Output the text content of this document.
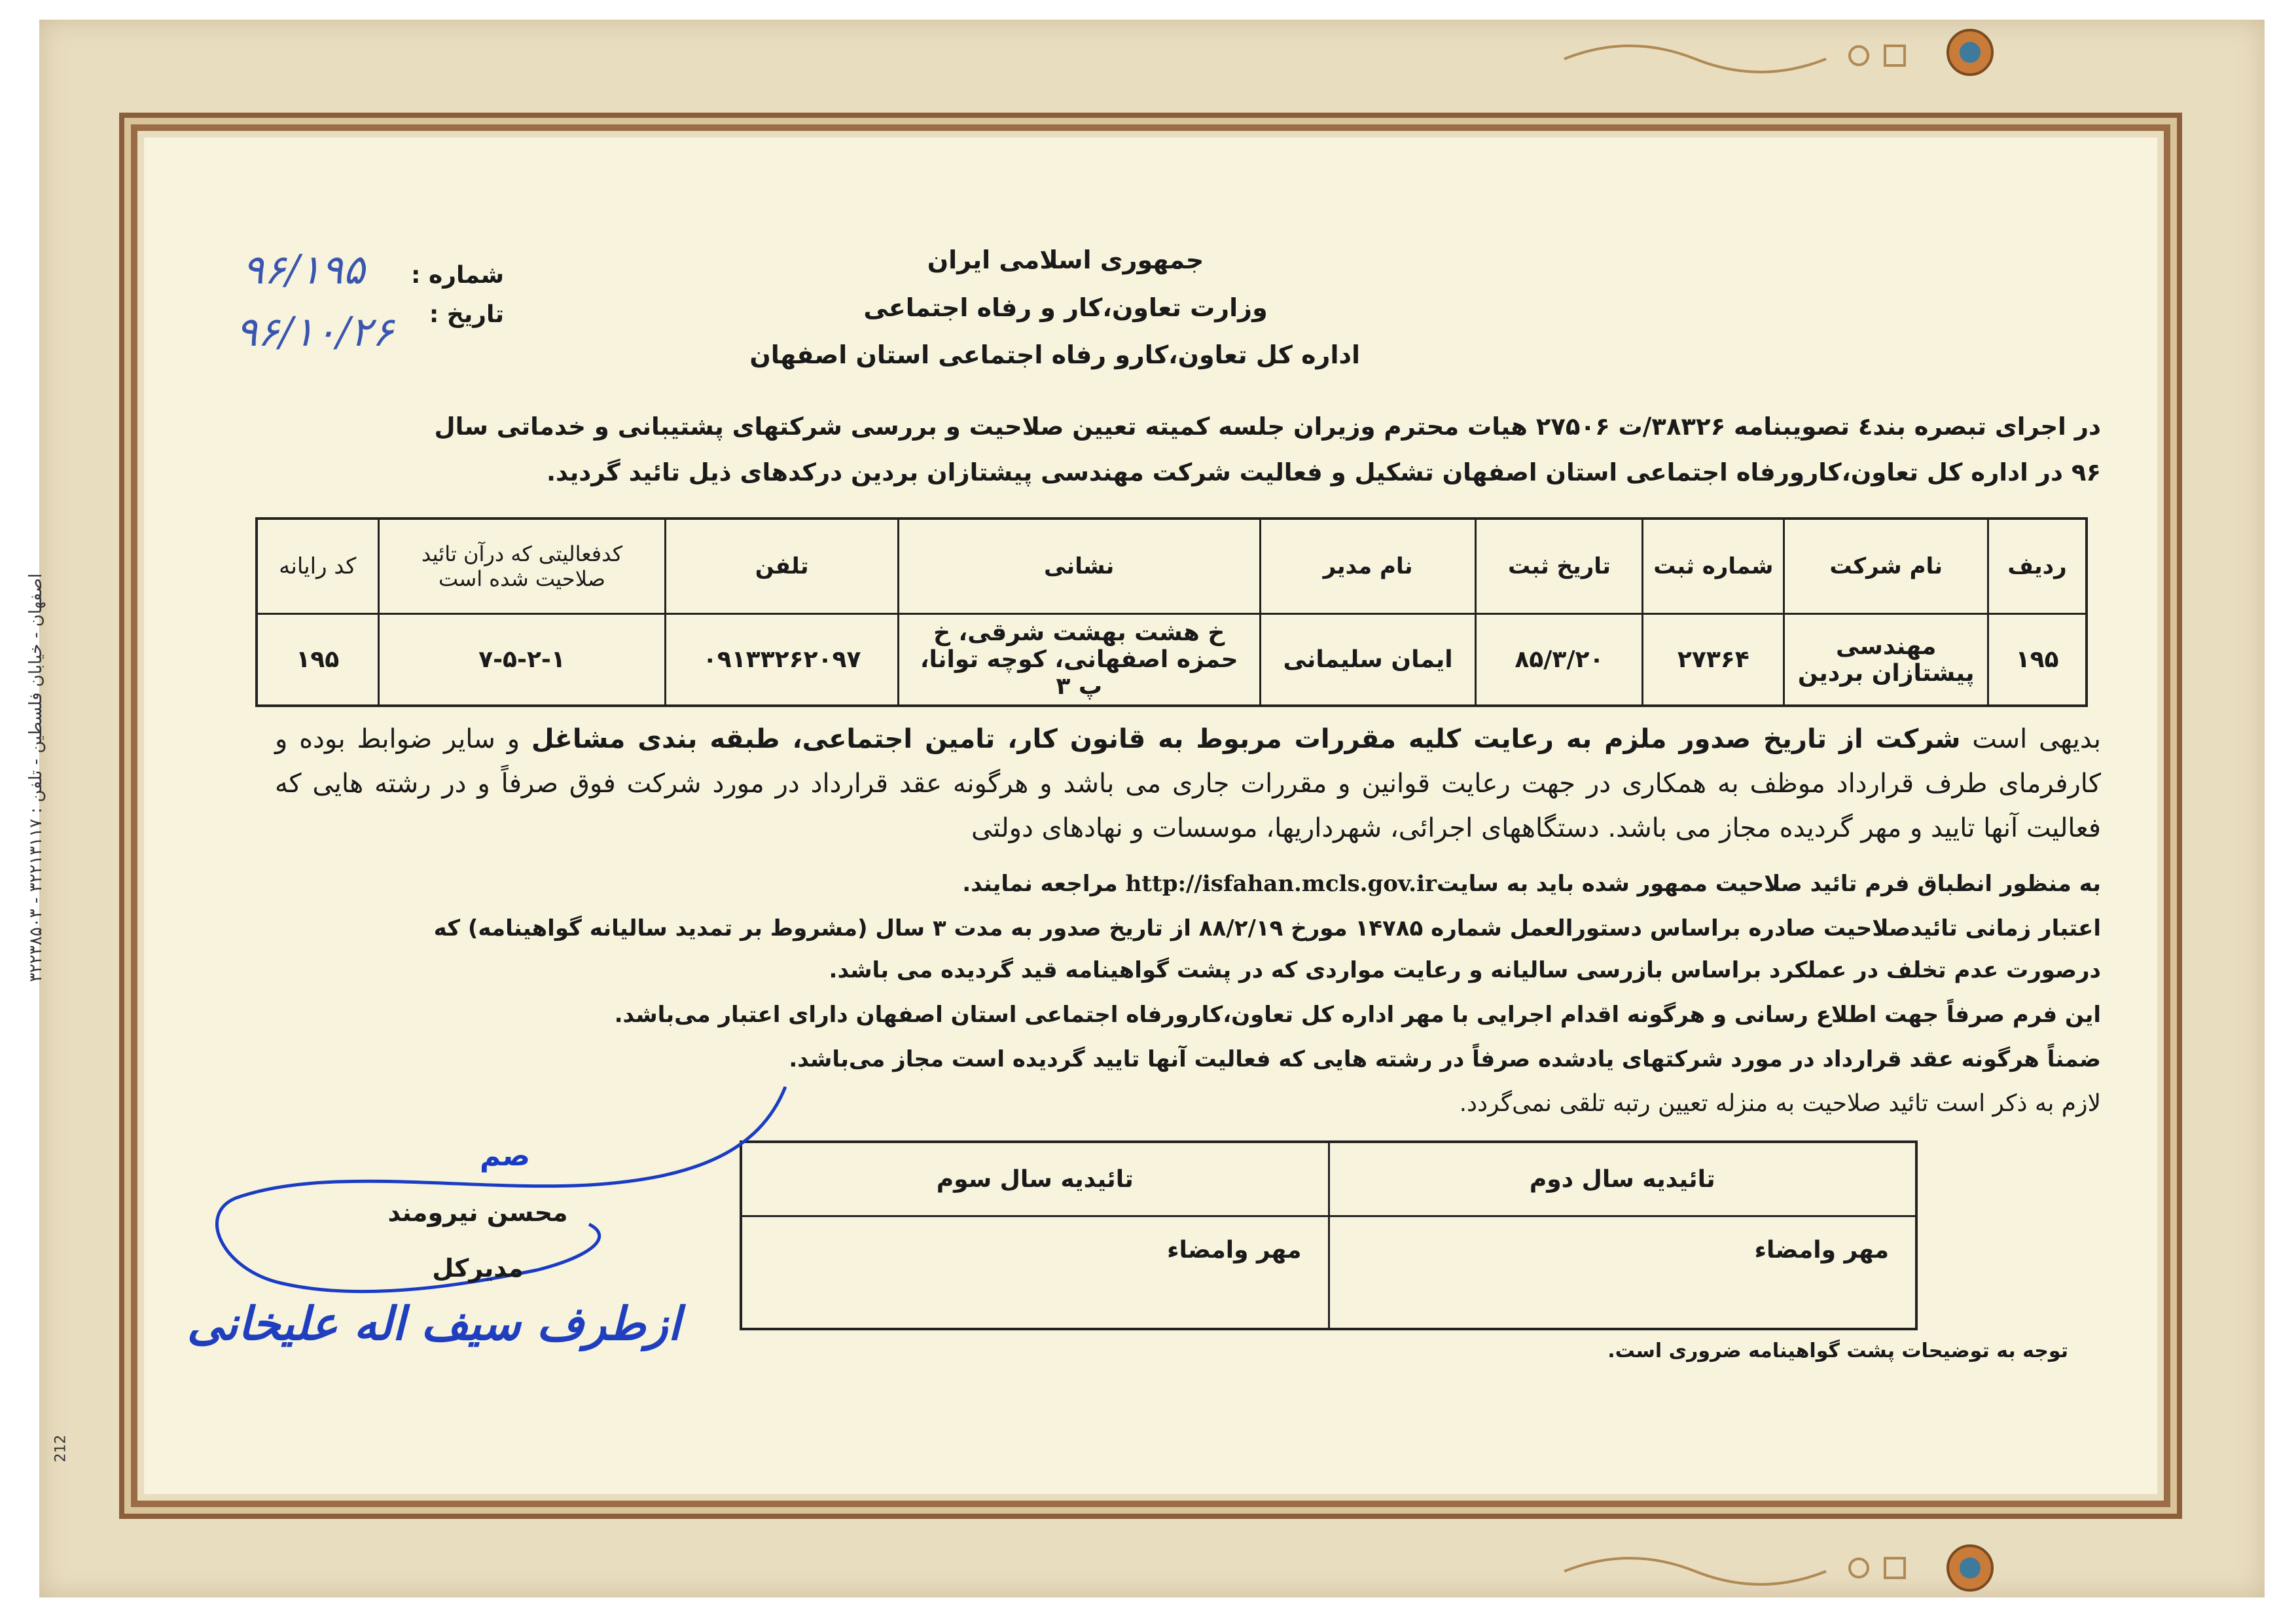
جمهوری اسلامی ایران
وزارت تعاون،کار و رفاه اجتماعی
اداره کل تعاون،کارو رفاه اجتماعی استان اصفهان
شماره :
۹۶/۱۹۵
تاریخ :
۹۶/۱۰/۲۶
در اجرای تبصره بند٤ تصویبنامه ۳۸۳۲۶/ت ۲۷۵۰۶ هیات محترم وزیران جلسه کمیته تعیین صلاحیت و بررسی شرکتهای پشتیبانی و خدماتی سال
۹۶ در اداره کل تعاون،کارورفاه اجتماعی استان اصفهان تشکیل و فعالیت شرکت مهندسی پیشتازان بردین درکدهای ذیل تائید گردید.
ردیف	نام شرکت	شماره ثبت	تاریخ ثبت	نام مدیر	نشانی	تلفن	کدفعالیتی که درآن تائید صلاحیت شده است	کد رایانه
۱۹۵	مهندسی پیشتازان بردین	۲۷۳۶۴	۸۵/۳/۲۰	ایمان سلیمانی	خ هشت بهشت شرقی، خ حمزه اصفهانی، کوچه توانا، پ ۳	۰۹۱۳۳۲۶۲۰۹۷	۷-۵-۲-۱	۱۹۵
بدیهی است شرکت از تاریخ صدور ملزم به رعایت کلیه مقررات مربوط به قانون کار، تامین اجتماعی، طبقه بندی مشاغل و سایر ضوابط بوده و کارفرمای طرف قرارداد موظف به همکاری در جهت رعایت قوانین و مقررات جاری می باشد و هرگونه عقد قرارداد در مورد شرکت فوق صرفاً و در رشته هایی که فعالیت آنها تایید و مهر گردیده مجاز می باشد. دستگاههای اجرائی، شهرداریها، موسسات و نهادهای دولتی
به منظور انطباق فرم تائید صلاحیت ممهور شده باید به سایتhttp://isfahan.mcls.gov.ir مراجعه نمایند.
اعتبار زمانی تائیدصلاحیت صادره براساس دستورالعمل شماره ۱۴۷۸۵ مورخ ۸۸/۲/۱۹ از تاریخ صدور به مدت ۳ سال (مشروط بر تمدید سالیانه گواهینامه) که
درصورت عدم تخلف در عملکرد براساس بازرسی سالیانه و رعایت مواردی که در پشت گواهینامه قید گردیده می باشد.
این فرم صرفاً جهت اطلاع رسانی و هرگونه اقدام اجرایی با مهر اداره کل تعاون،کارورفاه اجتماعی استان اصفهان دارای اعتبار می‌باشد.
ضمناً هرگونه عقد قرارداد در مورد شرکتهای یادشده صرفاً در رشته هایی که فعالیت آنها تایید گردیده است مجاز می‌باشد.
لازم به ذکر است تائید صلاحیت به منزله تعیین رتبه تلقی نمی‌گردد.
تائیدیه سال دوم	تائیدیه سال سوم
مهر وامضاء	مهر وامضاء
صم
محسن نیرومند
مدیرکل
ازطرف سیف اله علیخانی
توجه به توضیحات پشت گواهینامه ضروری است.
اصفهان - خیابان فلسطین - تلفن : ۳۲۲۱۳۱۱۷ - ۳۲۲۳۸۵۰۳
212
